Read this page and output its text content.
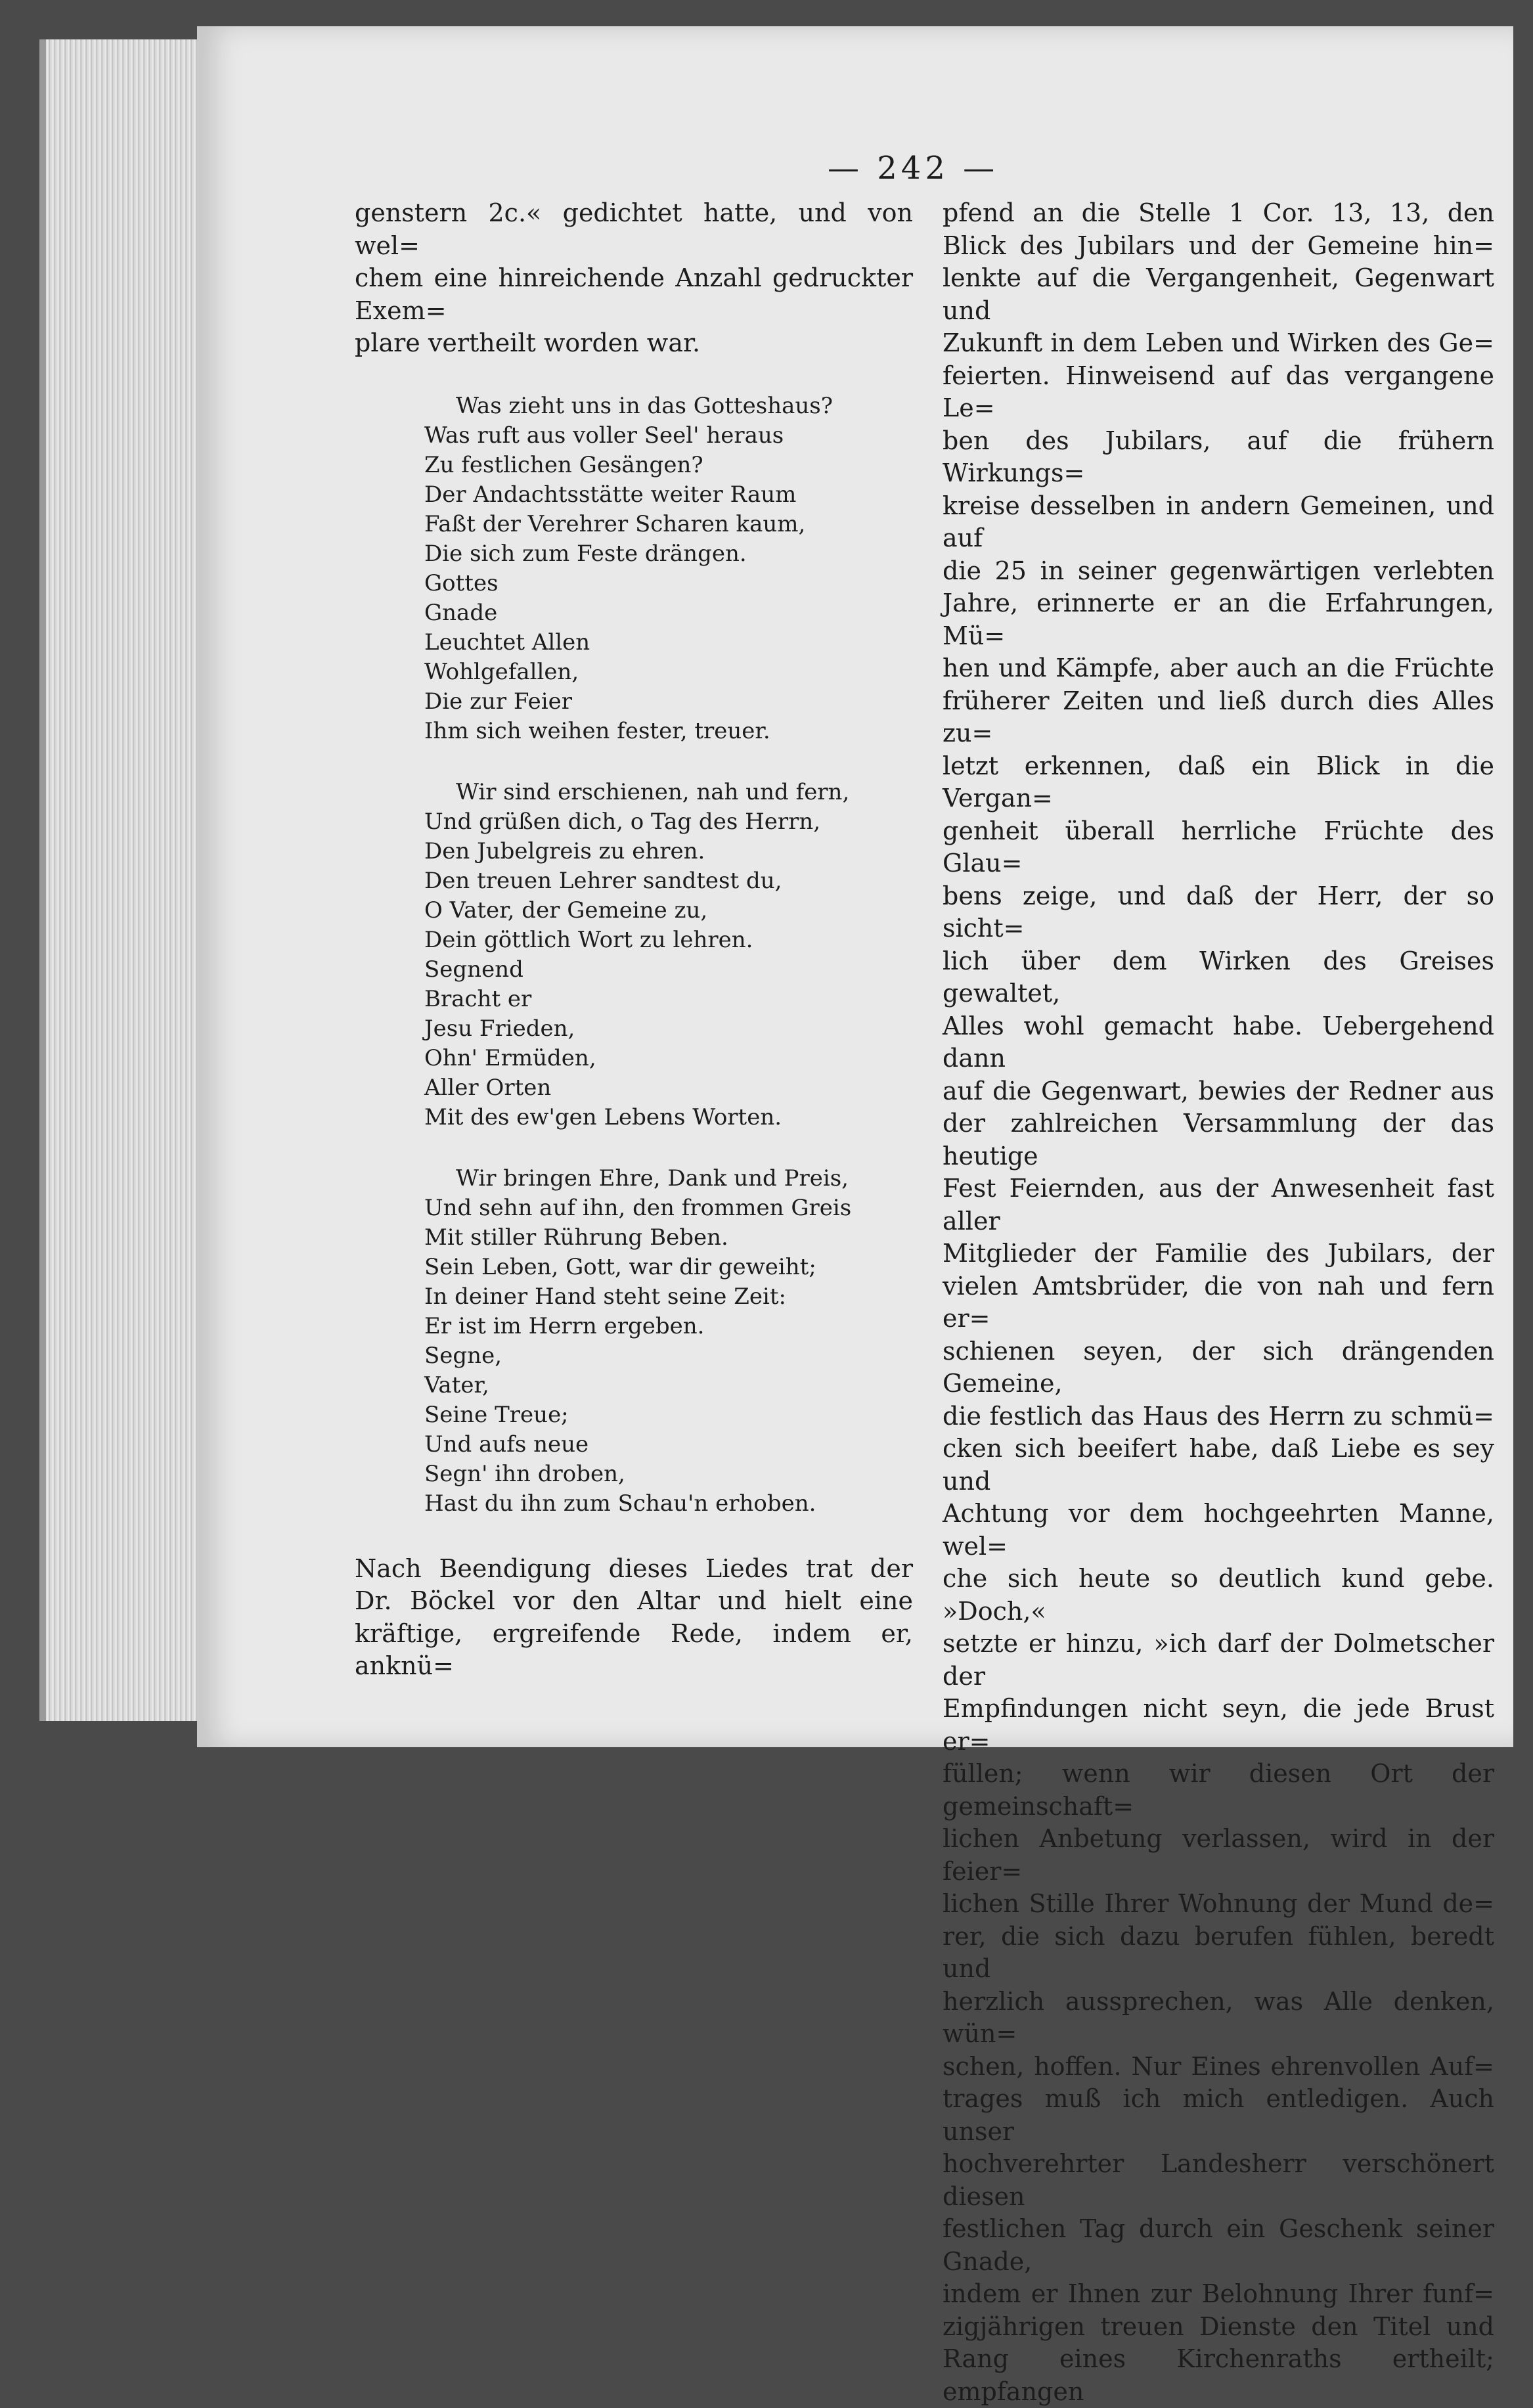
— 242 —

genstern 2c.« gedichtet hatte, und von wel=

chem eine hinreichende Anzahl gedruckter Exem=

plare vertheilt worden war.

Was zieht uns in das Gotteshaus?

Was ruft aus voller Seel' heraus

Zu festlichen Gesängen?

Der Andachtsstätte weiter Raum

Faßt der Verehrer Scharen kaum,

Die sich zum Feste drängen.

Gottes

Gnade

Leuchtet Allen

Wohlgefallen,

Die zur Feier

Ihm sich weihen fester, treuer.

Wir sind erschienen, nah und fern,

Und grüßen dich, o Tag des Herrn,

Den Jubelgreis zu ehren.

Den treuen Lehrer sandtest du,

O Vater, der Gemeine zu,

Dein göttlich Wort zu lehren.

Segnend

Bracht er

Jesu Frieden,

Ohn' Ermüden,

Aller Orten

Mit des ew'gen Lebens Worten.

Wir bringen Ehre, Dank und Preis,

Und sehn auf ihn, den frommen Greis

Mit stiller Rührung Beben.

Sein Leben, Gott, war dir geweiht;

In deiner Hand steht seine Zeit:

Er ist im Herrn ergeben.

Segne,

Vater,

Seine Treue;

Und aufs neue

Segn' ihn droben,

Hast du ihn zum Schau'n erhoben.

Nach Beendigung dieses Liedes trat der

Dr. Böckel vor den Altar und hielt eine

kräftige, ergreifende Rede, indem er, anknü=

pfend an die Stelle 1 Cor. 13, 13, den

Blick des Jubilars und der Gemeine hin=

lenkte auf die Vergangenheit, Gegenwart und

Zukunft in dem Leben und Wirken des Ge=

feierten. Hinweisend auf das vergangene Le=

ben des Jubilars, auf die frühern Wirkungs=

kreise desselben in andern Gemeinen, und auf

die 25 in seiner gegenwärtigen verlebten

Jahre, erinnerte er an die Erfahrungen, Mü=

hen und Kämpfe, aber auch an die Früchte

früherer Zeiten und ließ durch dies Alles zu=

letzt erkennen, daß ein Blick in die Vergan=

genheit überall herrliche Früchte des Glau=

bens zeige, und daß der Herr, der so sicht=

lich über dem Wirken des Greises gewaltet,

Alles wohl gemacht habe. Uebergehend dann

auf die Gegenwart, bewies der Redner aus

der zahlreichen Versammlung der das heutige

Fest Feiernden, aus der Anwesenheit fast aller

Mitglieder der Familie des Jubilars, der

vielen Amtsbrüder, die von nah und fern er=

schienen seyen, der sich drängenden Gemeine,

die festlich das Haus des Herrn zu schmü=

cken sich beeifert habe, daß Liebe es sey und

Achtung vor dem hochgeehrten Manne, wel=

che sich heute so deutlich kund gebe. »Doch,«

setzte er hinzu, »ich darf der Dolmetscher der

Empfindungen nicht seyn, die jede Brust er=

füllen; wenn wir diesen Ort der gemeinschaft=

lichen Anbetung verlassen, wird in der feier=

lichen Stille Ihrer Wohnung der Mund de=

rer, die sich dazu berufen fühlen, beredt und

herzlich aussprechen, was Alle denken, wün=

schen, hoffen. Nur Eines ehrenvollen Auf=

trages muß ich mich entledigen. Auch unser

hochverehrter Landesherr verschönert diesen

festlichen Tag durch ein Geschenk seiner Gnade,

indem er Ihnen zur Belohnung Ihrer funf=

zigjährigen treuen Dienste den Titel und

Rang eines Kirchenraths ertheilt; empfangen
